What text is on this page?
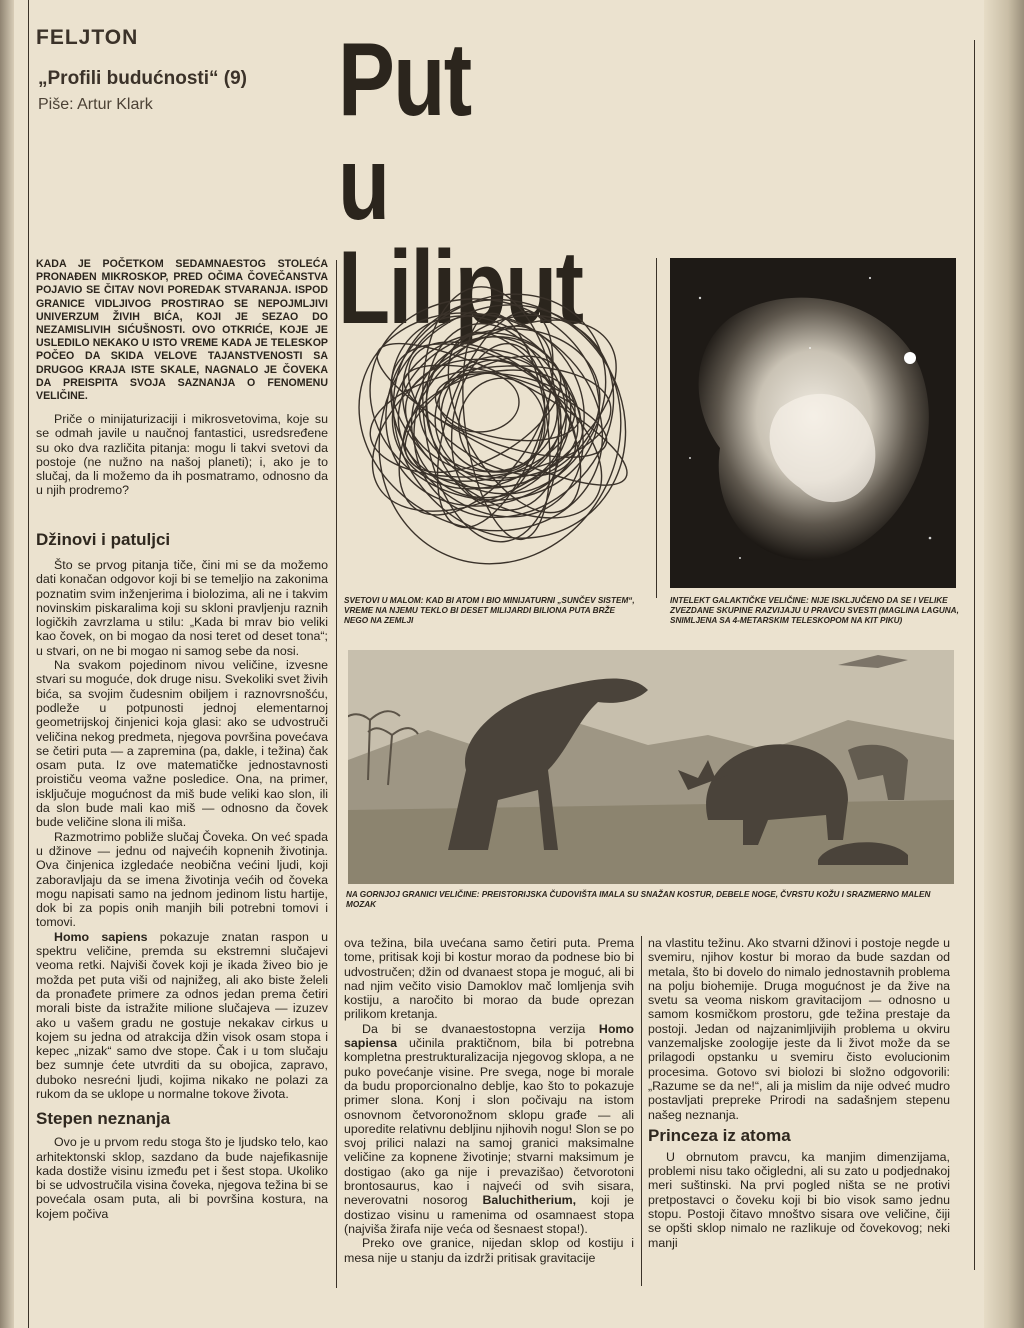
FELJTON
„Profili budućnosti“ (9)
Piše: Artur Klark Put
u Liliput
KADA JE POČETKOM SEDAMNAESTOG STOLEĆA PRONAĐEN MIKROSKOP, PRED OČIMA ČOVEČANSTVA POJAVIO SE ČITAV NOVI POREDAK STVARANJA. ISPOD GRANICE VIDLJIVOG PROSTIRAO SE NEPOJMLJIVI UNIVERZUM ŽIVIH BIĆA, KOJI JE SEZAO DO NEZAMISLIVIH SIĆUŠNOSTI. OVO OTKRIĆE, KOJE JE USLEDILO NEKAKO U ISTO VREME KADA JE TELESKOP POČEO DA SKIDA VELOVE TAJANSTVENOSTI SA DRUGOG KRAJA ISTE SKALE, NAGNALO JE ČOVEKA DA PREISPITA SVOJA SAZNANJA O FENOMENU VELIČINE.

Priče o minijaturizaciji i mikrosvetovima, koje su se odmah javile u naučnoj fantastici, usredsređene su oko dva različita pitanja: mogu li takvi svetovi da postoje (ne nužno na našoj planeti); i, ako je to slučaj, da li možemo da ih posmatramo, odnosno da u njih prodremo?

Džinovi i patuljci

Što se prvog pitanja tiče, čini mi se da možemo dati konačan odgovor koji bi se temeljio na zakonima poznatim svim inženjerima i biolozima, ali ne i takvim novinskim piskaralima koji su skloni pravljenju raznih logičkih zavrzlama u stilu: „Kada bi mrav bio veliki kao čovek, on bi mogao da nosi teret od deset tona“; u stvari, on ne bi mogao ni samog sebe da nosi.

Na svakom pojedinom nivou veličine, izvesne stvari su moguće, dok druge nisu. Svekoliki svet živih bića, sa svojim čudesnim obiljem i raznovrsnošću, podleže u potpunosti jednoj elementarnoj geometrijskoj činjenici koja glasi: ako se udvostruči veličina nekog predmeta, njegova površina povećava se četiri puta — a zapremina (pa, dakle, i težina) čak osam puta. Iz ove matematičke jednostavnosti proističu veoma važne posledice. Ona, na primer, isključuje mogućnost da miš bude veliki kao slon, ili da slon bude mali kao miš — odnosno da čovek bude veličine slona ili miša.

Razmotrimo pobliže slučaj Čoveka. On već spada u džinove — jednu od najvećih kopnenih životinja. Ova činjenica izgledaće neobična većini ljudi, koji zaboravljaju da se imena životinja većih od čoveka mogu napisati samo na jednom jedinom listu hartije, dok bi za popis onih manjih bili potrebni tomovi i tomovi.

Homo sapiens pokazuje znatan raspon u spektru veličine, premda su ekstremni slučajevi veoma retki. Najviši čovek koji je ikada živeo bio je možda pet puta viši od najnižeg, ali ako biste želeli da pronađete primere za odnos jedan prema četiri morali biste da istražite milione slučajeva — izuzev ako u vašem gradu ne gostuje nekakav cirkus u kojem su jedna od atrakcija džin visok osam stopa i kepec „nizak“ samo dve stope. Čak i u tom slučaju bez sumnje ćete utvrditi da su obojica, zapravo, duboko nesrećni ljudi, kojima nikako ne polazi za rukom da se uklope u normalne tokove života.

Stepen neznanja

Ovo je u prvom redu stoga što je ljudsko telo, kao arhitektonski sklop, sazdano da bude najefikasnije kada dostiže visinu između pet i šest stopa. Ukoliko bi se udvostručila visina čoveka, njegova težina bi se povećala osam puta, ali bi površina kostura, na kojem počiva

SVETOVI U MALOM: KAD BI ATOM I BIO MINIJATURNI „SUNČEV SISTEM“, VREME NA NJEMU TEKLO BI DESET MILIJARDI BILIONA PUTA BRŽE NEGO NA ZEMLJI
INTELEKT GALAKTIČKE VELIČINE: NIJE ISKLJUČENO DA SE I VELIKE ZVEZDANE SKUPINE RAZVIJAJU U PRAVCU SVESTI (MAGLINA LAGUNA, SNIMLJENA SA 4-METARSKIM TELESKOPOM NA KIT PIKU)
NA GORNJOJ GRANICI VELIČINE: PREISTORIJSKA ČUDOVIŠTA IMALA SU SNAŽAN KOSTUR, DEBELE NOGE, ČVRSTU KOŽU I SRAZMERNO MALEN MOZAK

ova težina, bila uvećana samo četiri puta. Prema tome, pritisak koji bi kostur morao da podnese bio bi udvostručen; džin od dvanaest stopa je moguć, ali bi nad njim večito visio Damoklov mač lomljenja svih kostiju, a naročito bi morao da bude oprezan prilikom kretanja.

Da bi se dvanaestostopna verzija Homo sapiensa učinila praktičnom, bila bi potrebna kompletna prestrukturalizacija njegovog sklopa, a ne puko povećanje visine. Pre svega, noge bi morale da budu proporcionalno deblje, kao što to pokazuje primer slona. Konj i slon počivaju na istom osnovnom četvoronožnom sklopu građe — ali uporedite relativnu debljinu njihovih nogu! Slon se po svoj prilici nalazi na samoj granici maksimalne veličine za kopnene životinje; stvarni maksimum je dostigao (ako ga nije i prevazišao) četvorotoni brontosaurus, kao i najveći od svih sisara, neverovatni nosorog Baluchitherium, koji je dostizao visinu u ramenima od osamnaest stopa (najviša žirafa nije veća od šesnaest stopa!).

Preko ove granice, nijedan sklop od kostiju i mesa nije u stanju da izdrži pritisak gravitacije

na vlastitu težinu. Ako stvarni džinovi i postoje negde u svemiru, njihov kostur bi morao da bude sazdan od metala, što bi dovelo do nimalo jednostavnih problema na polju biohemije. Druga mogućnost je da žive na svetu sa veoma niskom gravitacijom — odnosno u samom kosmičkom prostoru, gde težina prestaje da postoji. Jedan od najzanimljivijih problema u okviru vanzemaljske zoologije jeste da li život može da se prilagodi opstanku u svemiru čisto evolucionim procesima. Gotovo svi biolozi bi složno odgovorili: „Razume se da ne!“, ali ja mislim da nije odveć mudro postavljati prepreke Prirodi na sadašnjem stepenu našeg neznanja.

Princeza iz atoma

U obrnutom pravcu, ka manjim dimenzijama, problemi nisu tako očigledni, ali su zato u podjednakoj meri suštinski. Na prvi pogled ništa se ne protivi pretpostavci o čoveku koji bi bio visok samo jednu stopu. Postoji čitavo mnoštvo sisara ove veličine, čiji se opšti sklop nimalo ne razlikuje od čovekovog; neki manji
